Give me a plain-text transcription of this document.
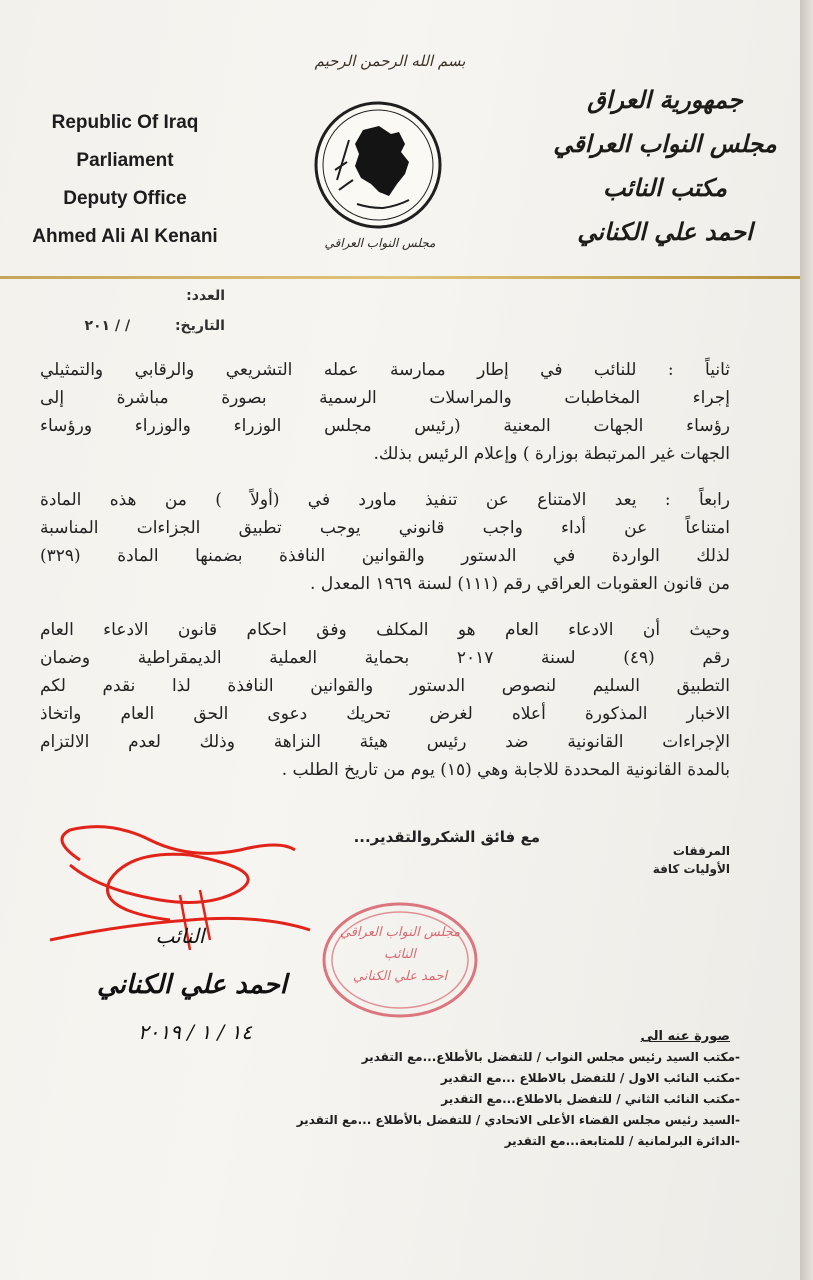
Republic Of Iraq
Parliament
Deputy Office
Ahmed Ali Al Kenani
بسم الله الرحمن الرحيم
مجلس النواب العراقي
جمهورية العراق
مجلس النواب العراقي
مكتب النائب
احمد علي الكناني
العدد:
التاريخ: / / ٢٠١

ثانياً : للنائب في إطار ممارسة عمله التشريعي والرقابي والتمثيلي
إجراء المخاطبات والمراسلات الرسمية بصورة مباشرة إلى
رؤساء الجهات المعنية (رئيس مجلس الوزراء والوزراء ورؤساء
الجهات غير المرتبطة بوزارة ) وإعلام الرئيس بذلك.

رابعاً : يعد الامتناع عن تنفيذ ماورد في (أولاً ) من هذه المادة
امتناعاً عن أداء واجب قانوني يوجب تطبيق الجزاءات المناسبة
لذلك الواردة في الدستور والقوانين النافذة بضمنها المادة (٣٢٩)
من قانون العقوبات العراقي رقم (١١١) لسنة ١٩٦٩ المعدل .

وحيث أن الادعاء العام هو المكلف وفق احكام قانون الادعاء العام
رقم (٤٩) لسنة ٢٠١٧ بحماية العملية الديمقراطية وضمان
التطبيق السليم لنصوص الدستور والقوانين النافذة لذا نقدم لكم
الاخبار المذكورة أعلاه لغرض تحريك دعوى الحق العام واتخاذ
الإجراءات القانونية ضد رئيس هيئة النزاهة وذلك لعدم الالتزام
بالمدة القانونية المحددة للاجابة وهي (١٥) يوم من تاريخ الطلب .

مع فائق الشكروالتقدير...
المرفقات
الأوليات كافة
النائب
احمد علي الكناني
١٤ / ١ / ٢٠١٩
مجلس النواب العراقي
النائب
احمد علي الكناني
صورة عنه الى
-مكتب السيد رئيس مجلس النواب / للتفضل بالأطلاع...مع التقدير
-مكتب النائب الاول / للتفضل بالاطلاع ...مع التقدير
-مكتب النائب الثاني / للتفضل بالاطلاع...مع التقدير
-السيد رئيس مجلس القضاء الأعلى الاتحادي / للتفضل بالأطلاع ...مع التقدير
-الدائرة البرلمانية / للمتابعة...مع التقدير
